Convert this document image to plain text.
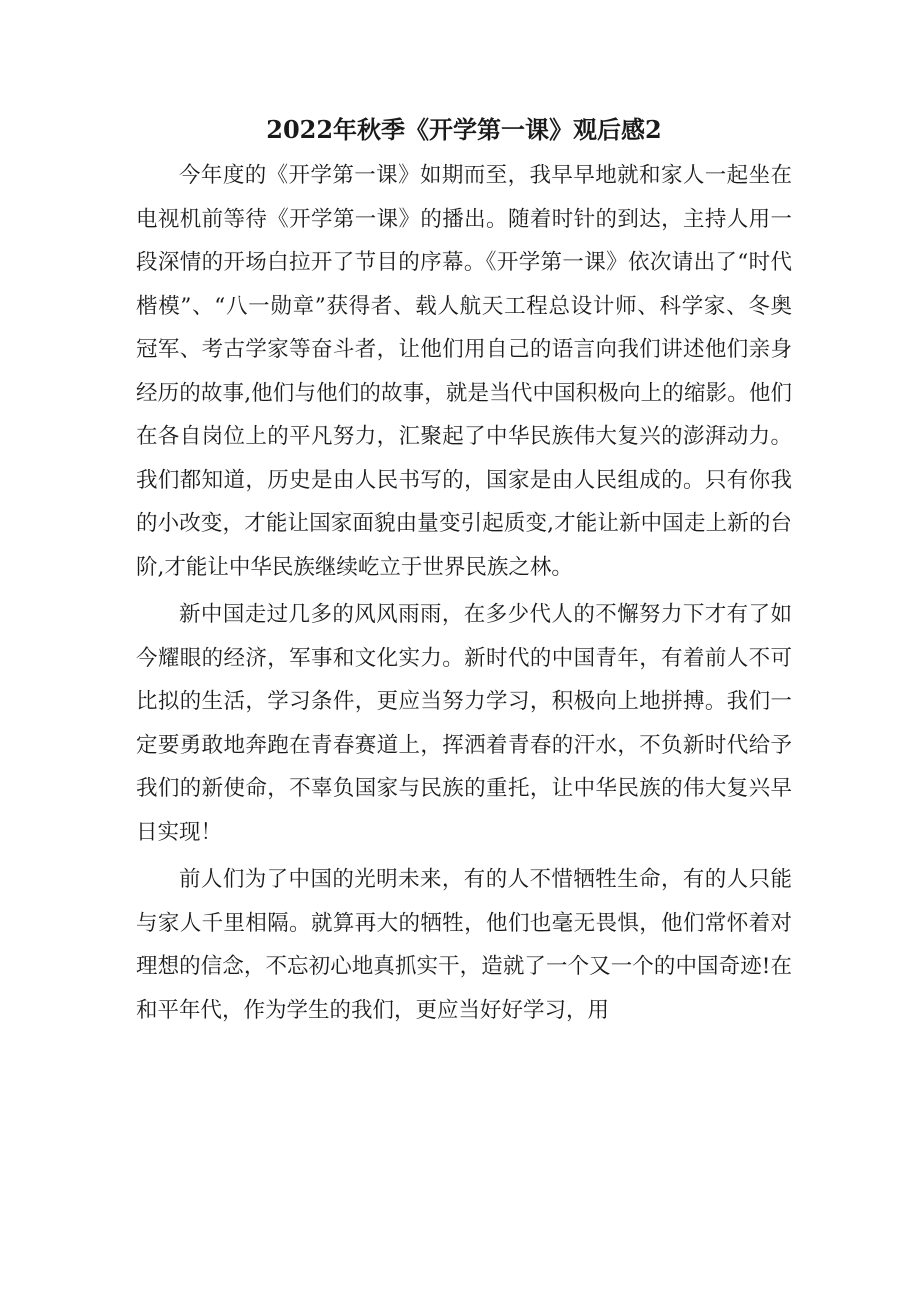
2022年秋季《开学第一课》观后感2

今年度的《开学第一课》如期而至，我早早地就和家人一起坐在电视机前等待《开学第一课》的播出。随着时针的到达，主持人用一段深情的开场白拉开了节目的序幕。《开学第一课》依次请出了“时代楷模”、“八一勋章”获得者、载人航天工程总设计师、科学家、冬奥冠军、考古学家等奋斗者，让他们用自己的语言向我们讲述他们亲身经历的故事,他们与他们的故事，就是当代中国积极向上的缩影。他们在各自岗位上的平凡努力，汇聚起了中华民族伟大复兴的澎湃动力。我们都知道，历史是由人民书写的，国家是由人民组成的。只有你我的小改变，才能让国家面貌由量变引起质变,才能让新中国走上新的台阶,才能让中华民族继续屹立于世界民族之林。

新中国走过几多的风风雨雨，在多少代人的不懈努力下才有了如今耀眼的经济，军事和文化实力。新时代的中国青年，有着前人不可比拟的生活，学习条件，更应当努力学习，积极向上地拼搏。我们一定要勇敢地奔跑在青春赛道上，挥洒着青春的汗水，不负新时代给予我们的新使命，不辜负国家与民族的重托，让中华民族的伟大复兴早日实现！

前人们为了中国的光明未来，有的人不惜牺牲生命，有的人只能与家人千里相隔。就算再大的牺牲，他们也毫无畏惧，他们常怀着对理想的信念，不忘初心地真抓实干，造就了一个又一个的中国奇迹!在和平年代，作为学生的我们，更应当好好学习，用
